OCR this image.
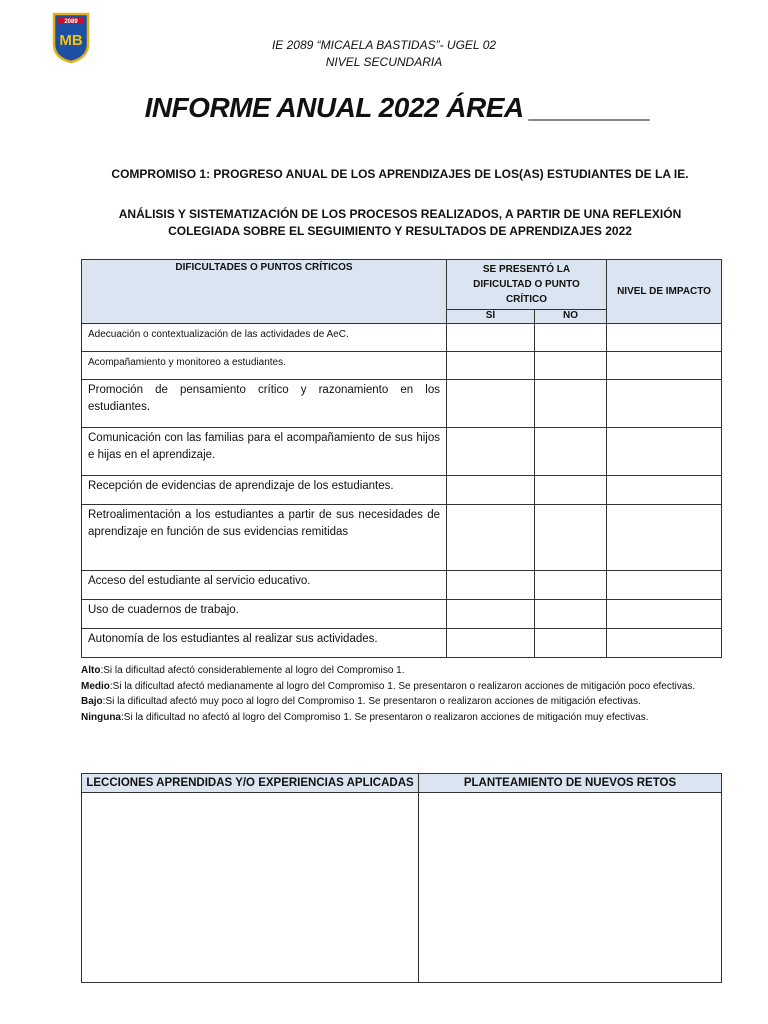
2089
MB	IE 2089 “MICAELA BASTIDAS”- UGEL 02
NIVEL SECUNDARIA
INFORME ANUAL 2022 ÁREA ________
COMPROMISO 1: PROGRESO ANUAL DE LOS APRENDIZAJES DE LOS(AS) ESTUDIANTES DE LA IE.
ANÁLISIS Y SISTEMATIZACIÓN DE LOS PROCESOS REALIZADOS, A PARTIR DE UNA REFLEXIÓN
COLEGIADA SOBRE EL SEGUIMIENTO Y RESULTADOS DE APRENDIZAJES 2022
DIFICULTADES O PUNTOS CRÍTICOS	SE PRESENTÓ LA DIFICULTAD O PUNTO CRÍTICO		NIVEL DE IMPACTO
	SÍ	NO	
Adecuación o contextualización de las actividades de AeC.			
Acompañamiento y monitoreo a estudiantes.			
Promoción de pensamiento crítico y razonamiento en los estudiantes.			
Comunicación con las familias para el acompañamiento de sus hijos e hijas en el aprendizaje.			
Recepción de evidencias de aprendizaje de los estudiantes.			
Retroalimentación a los estudiantes a partir de sus necesidades de aprendizaje en función de sus evidencias remitidas			
Acceso del estudiante al servicio educativo.			
Uso de cuadernos de trabajo.			
Autonomía de los estudiantes al realizar sus actividades.			
Alto:Si la dificultad afectó considerablemente al logro del Compromiso 1.
Medio:Si la dificultad afectó medianamente al logro del Compromiso 1. Se presentaron o realizaron acciones de mitigación poco efectivas.
Bajo:Si la dificultad afectó muy poco al logro del Compromiso 1. Se presentaron o realizaron acciones de mitigación efectivas.
Ninguna:Si la dificultad no afectó al logro del Compromiso 1. Se presentaron o realizaron acciones de mitigación muy efectivas.
LECCIONES APRENDIDAS Y/O EXPERIENCIAS APLICADAS	PLANTEAMIENTO DE NUEVOS RETOS
